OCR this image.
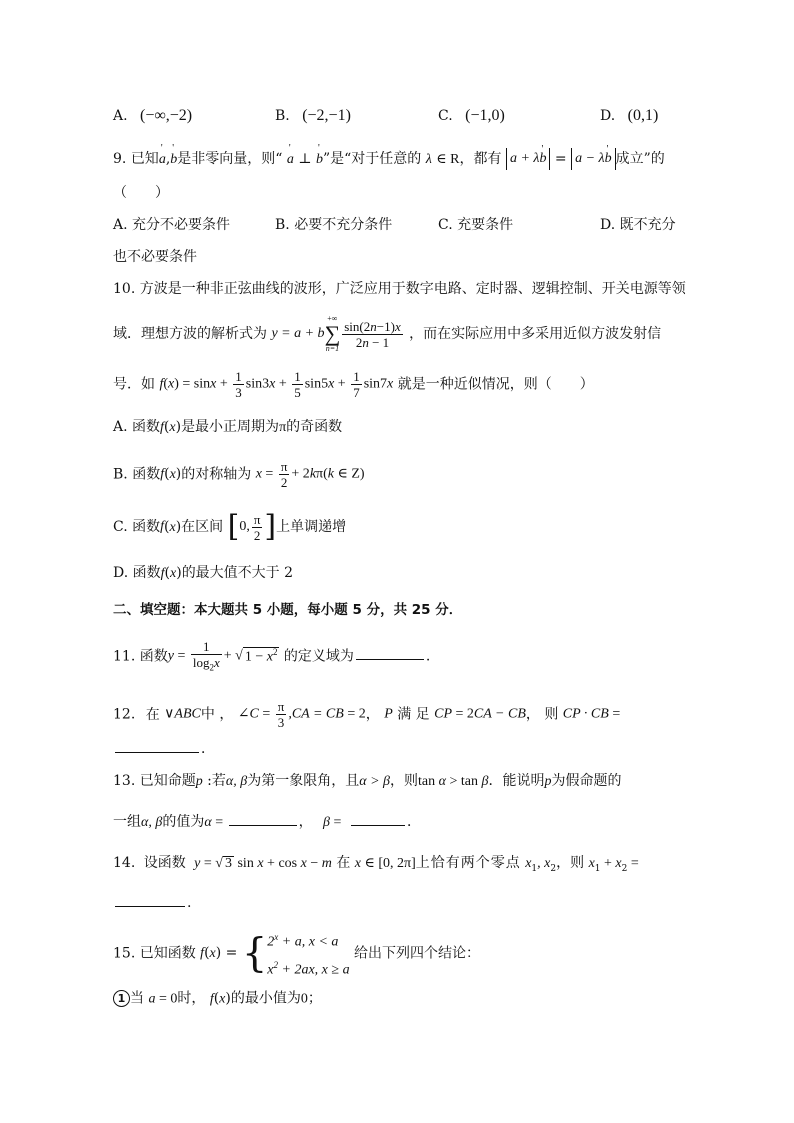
A. (−∞,−2)	B. (−2,−1)	C. (−1,0)	D. (0,1)
9. 已知' a,' b是非零向量，则“ ' a ⊥ ' b”是“对于任意的 λ ∈ R，都有 a + λ' b = a − λ' b 成立”的
（　　）
A. 充分不必要条件	B. 必要不充分条件	C. 充要条件	D. 既不充分
也不必要条件
10. 方波是一种非正弦曲线的波形，广泛应用于数字电路、定时器、逻辑控制、开关电源等领
域．理想方波的解析式为 y = a + b
+∞
∑
$n=1 \frac{\sin(2n-1)x}{2n - 1}$ ，而在实际应用中多采用近似方波发射信
号．如 $f(x) = \sin x + \frac{1}{3} \sin 3x + \frac{1}{5} \sin 5x + \frac{1}{7} \sin 7x$ 就是一种近似情况，则（　　）
A. 函数f(x)是最小正周期为π的奇函数
B. 函数f(x)的对称轴为 $x = \frac{\pi}{2} + 2k\pi(k$ ∈ Z)
C. 函数f(x)在区间 [0, $\frac{\pi}{2}$ ]上单调递增
D. 函数f(x)的最大值不大于 2
二、填空题：本大题共 5 小题，每小题 5 分，共 25 分．
11. 函数$y = \frac{1}{\log_2x}$ + √ $1 - x^2$ 的定义域为	.
12. 在 ∨ABC中 ， ∠C = $\frac{\pi}{3} ,CA$ = CB = 2， P 满 足 CP = 2CA − CB， 则 CP · CB =
．
13. 已知命题p :若α, β为第一象限角，且α > β，则tan α > tan β．能说明p为假命题的
一组α, β的值为α =	， β =	．
14. 设函数 y = √ 3 sin x + cos x − m 在 x ∈ [0, 2π]上恰有两个零点 $x_1$, $x_2$，则 $x_1 + x_2$ =
.
15. 已知函数 $f(x) = \{2^x + a$, x < a
$x^2 + 2ax$, x ≥ a 给出下列四个结论：
1 当 a = 0时， f(x)的最小值为0；
